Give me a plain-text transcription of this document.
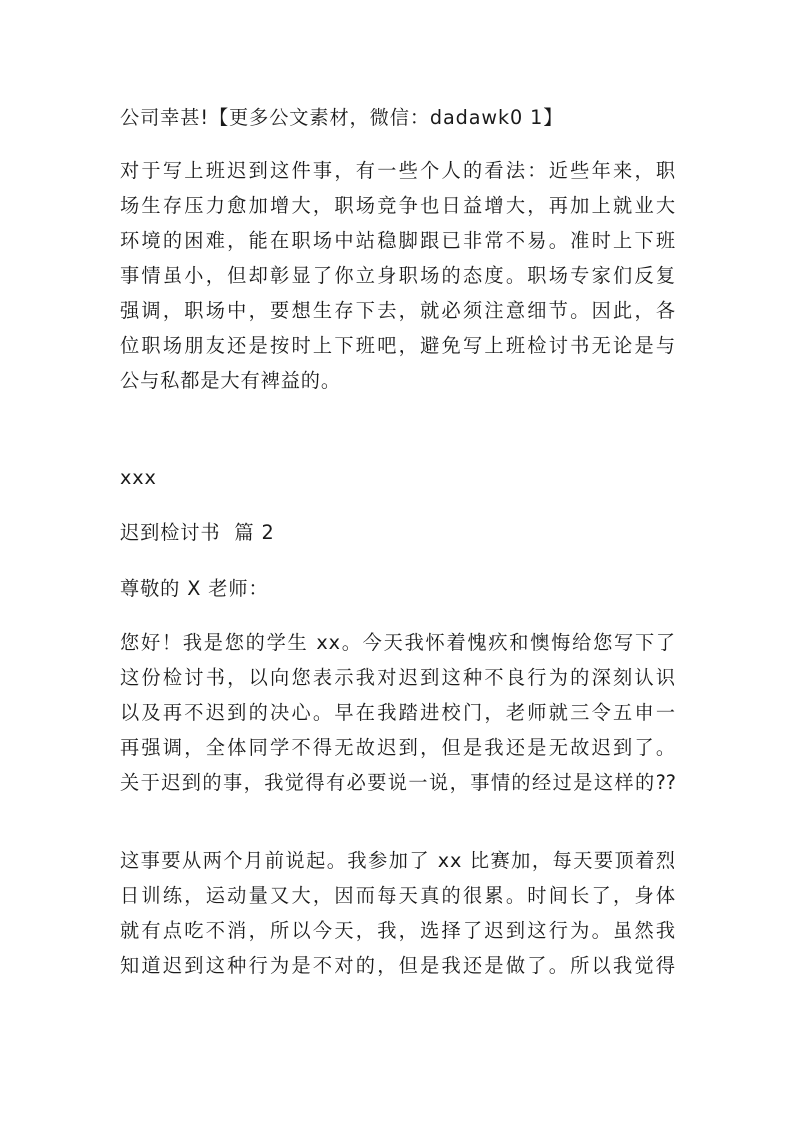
公司幸甚!【更多公文素材，微信：dadawk0 1】

对于写上班迟到这件事，有一些个人的看法：近些年来，职
场生存压力愈加增大，职场竞争也日益增大，再加上就业大
环境的困难，能在职场中站稳脚跟已非常不易。准时上下班
事情虽小，但却彰显了你立身职场的态度。职场专家们反复
强调，职场中，要想生存下去，就必须注意细节。因此，各
位职场朋友还是按时上下班吧，避免写上班检讨书无论是与
公与私都是大有裨益的。

xxx

迟到检讨书  篇 2

尊敬的 X 老师：

您好！我是您的学生 xx。今天我怀着愧疚和懊悔给您写下了
这份检讨书，以向您表示我对迟到这种不良行为的深刻认识
以及再不迟到的决心。早在我踏进校门，老师就三令五申一
再强调，全体同学不得无故迟到，但是我还是无故迟到了。
关于迟到的事，我觉得有必要说一说，事情的经过是这样的??
这事要从两个月前说起。我参加了 xx 比赛加，每天要顶着烈
日训练，运动量又大，因而每天真的很累。时间长了，身体
就有点吃不消，所以今天，我，选择了迟到这行为。虽然我
知道迟到这种行为是不对的，但是我还是做了。所以我觉得
